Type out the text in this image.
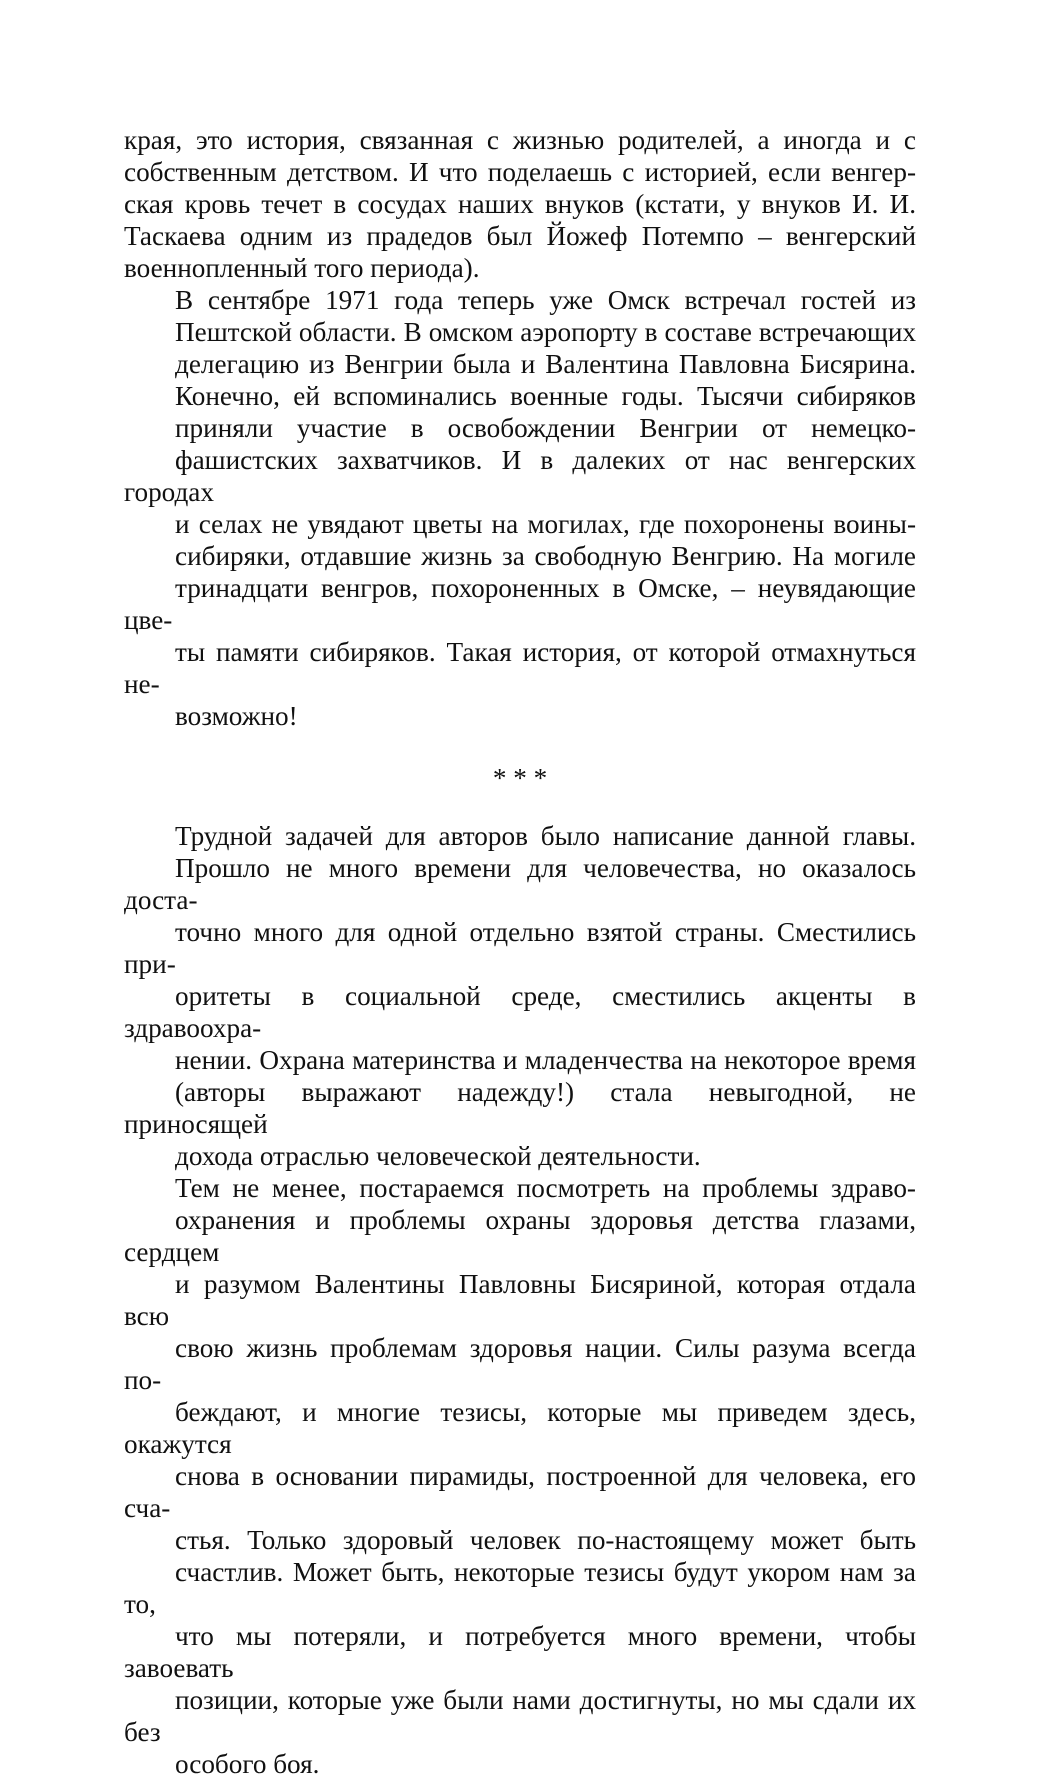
края, это история, связанная с жизнью родителей, а иногда и с
собственным детством. И что поделаешь с историей, если венгер-
ская кровь течет в сосудах наших внуков (кстати, у внуков И. И.
Таскаева одним из прадедов был Йожеф Потемпо – венгерский
военнопленный того периода).

В сентябре 1971 года теперь уже Омск встречал гостей из
Пештской области. В омском аэропорту в составе встречающих
делегацию из Венгрии была и Валентина Павловна Бисярина.
Конечно, ей вспоминались военные годы. Тысячи сибиряков
приняли участие в освобождении Венгрии от немецко-
фашистских захватчиков. И в далеких от нас венгерских городах
и селах не увядают цветы на могилах, где похоронены воины-
сибиряки, отдавшие жизнь за свободную Венгрию. На могиле
тринадцати венгров, похороненных в Омске, – неувядающие цве-
ты памяти сибиряков. Такая история, от которой отмахнуться не-
возможно!

* * *

Трудной задачей для авторов было написание данной главы.
Прошло не много времени для человечества, но оказалось доста-
точно много для одной отдельно взятой страны. Сместились при-
оритеты в социальной среде, сместились акценты в здравоохра-
нении. Охрана материнства и младенчества на некоторое время
(авторы выражают надежду!) стала невыгодной, не приносящей
дохода отраслью человеческой деятельности.

Тем не менее, постараемся посмотреть на проблемы здраво-
охранения и проблемы охраны здоровья детства глазами, сердцем
и разумом Валентины Павловны Бисяриной, которая отдала всю
свою жизнь проблемам здоровья нации. Силы разума всегда по-
беждают, и многие тезисы, которые мы приведем здесь, окажутся
снова в основании пирамиды, построенной для человека, его сча-
стья. Только здоровый человек по-настоящему может быть
счастлив. Может быть, некоторые тезисы будут укором нам за то,
что мы потеряли, и потребуется много времени, чтобы завоевать
позиции, которые уже были нами достигнуты, но мы сдали их без
особого боя.
